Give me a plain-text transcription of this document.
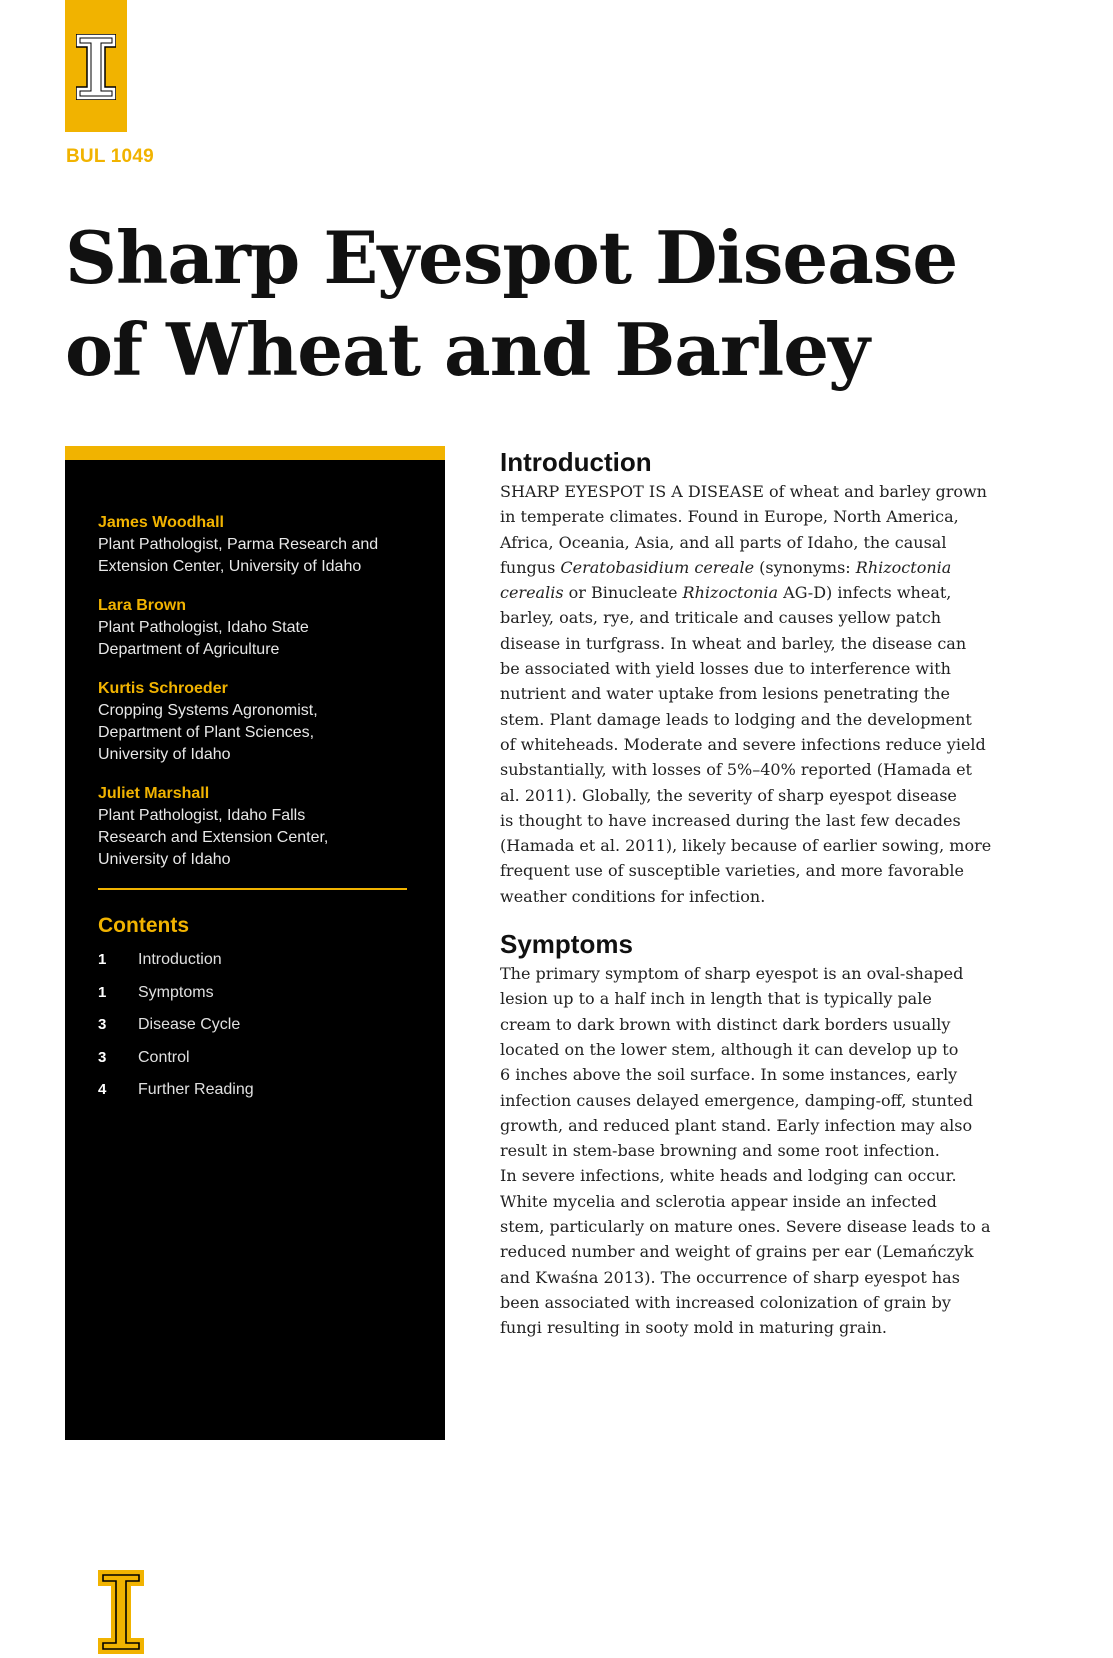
BUL 1049
Sharp Eyespot Disease
of Wheat and Barley
James Woodhall
Plant Pathologist, Parma Research and
Extension Center, University of Idaho
Lara Brown
Plant Pathologist, Idaho State
Department of Agriculture
Kurtis Schroeder
Cropping Systems Agronomist,
Department of Plant Sciences,
University of Idaho
Juliet Marshall
Plant Pathologist, Idaho Falls
Research and Extension Center,
University of Idaho
Contents
1	Introduction
1	Symptoms
3	Disease Cycle
3	Control
4	Further Reading
UniversityofIdaho
Extension
Introduction

SHARP EYESPOT IS A DISEASE of wheat and barley grown
in temperate climates. Found in Europe, North America,
Africa, Oceania, Asia, and all parts of Idaho, the causal
fungus Ceratobasidium cereale (synonyms: Rhizoctonia
cerealis or Binucleate Rhizoctonia AG-D) infects wheat,
barley, oats, rye, and triticale and causes yellow patch
disease in turfgrass. In wheat and barley, the disease can
be associated with yield losses due to interference with
nutrient and water uptake from lesions penetrating the
stem. Plant damage leads to lodging and the development
of whiteheads. Moderate and severe infections reduce yield
substantially, with losses of 5%–40% reported (Hamada et
al. 2011). Globally, the severity of sharp eyespot disease
is thought to have increased during the last few decades
(Hamada et al. 2011), likely because of earlier sowing, more
frequent use of susceptible varieties, and more favorable
weather conditions for infection.

Symptoms

The primary symptom of sharp eyespot is an oval-shaped
lesion up to a half inch in length that is typically pale
cream to dark brown with distinct dark borders usually
located on the lower stem, although it can develop up to
6 inches above the soil surface. In some instances, early
infection causes delayed emergence, damping-off, stunted
growth, and reduced plant stand. Early infection may also
result in stem-base browning and some root infection.
In severe infections, white heads and lodging can occur.
White mycelia and sclerotia appear inside an infected
stem, particularly on mature ones. Severe disease leads to a
reduced number and weight of grains per ear (Lemańczyk
and Kwaśna 2013). The occurrence of sharp eyespot has
been associated with increased colonization of grain by
fungi resulting in sooty mold in maturing grain.
